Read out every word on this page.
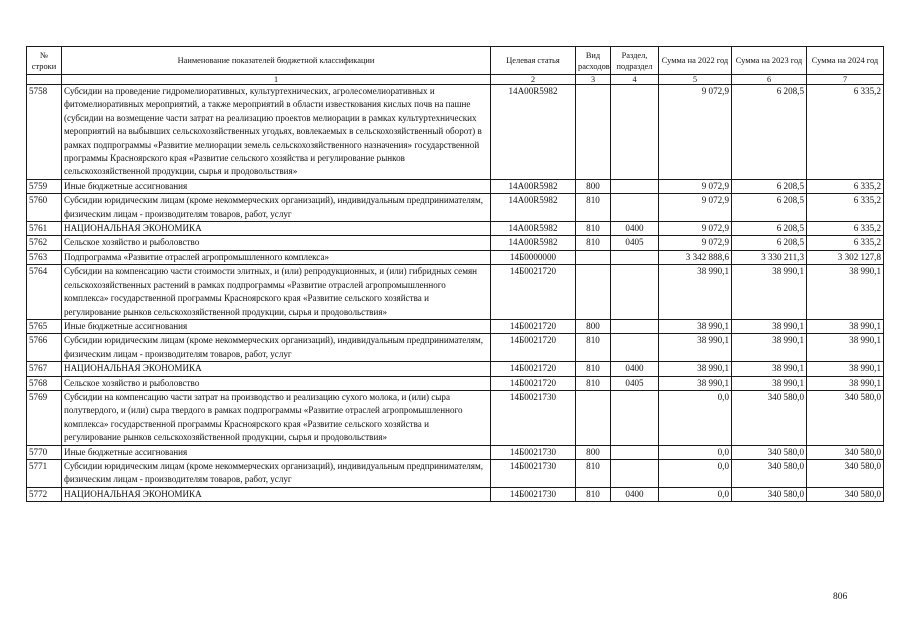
№ строки	Наименование показателей бюджетной классификации	Целевая статья	Вид расходов	Раздел, подраздел	Сумма на 2022 год	Сумма на 2023 год	Сумма на 2024 год
	1	2	3	4	5	6	7
5758	Субсидии на проведение гидромелиоративных, культуртехнических, агролесомелиоративных и фитомелиоративных мероприятий, а также мероприятий в области известкования кислых почв на пашне (субсидии на возмещение части затрат на реализацию проектов мелиорации в рамках культуртехнических мероприятий на выбывших сельскохозяйственных угодьях, вовлекаемых в сельскохозяйственный оборот) в рамках подпрограммы «Развитие мелиорации земель сельскохозяйственного назначения» государственной программы Красноярского края «Развитие сельского хозяйства и регулирование рынков сельскохозяйственной продукции, сырья и продовольствия»	14А00R5982			9 072,9	6 208,5	6 335,2
5759	Иные бюджетные ассигнования	14А00R5982	800		9 072,9	6 208,5	6 335,2
5760	Субсидии юридическим лицам (кроме некоммерческих организаций), индивидуальным предпринимателям, физическим лицам - производителям товаров, работ, услуг	14А00R5982	810		9 072,9	6 208,5	6 335,2
5761	НАЦИОНАЛЬНАЯ ЭКОНОМИКА	14А00R5982	810	0400	9 072,9	6 208,5	6 335,2
5762	Сельское хозяйство и рыболовство	14А00R5982	810	0405	9 072,9	6 208,5	6 335,2
5763	Подпрограмма «Развитие отраслей агропромышленного комплекса»	14Б0000000			3 342 888,6	3 330 211,3	3 302 127,8
5764	Субсидии на компенсацию части стоимости элитных, и (или) репродукционных, и (или) гибридных семян сельскохозяйственных растений в рамках подпрограммы «Развитие отраслей агропромышленного комплекса» государственной программы Красноярского края «Развитие сельского хозяйства и регулирование рынков сельскохозяйственной продукции, сырья и продовольствия»	14Б0021720			38 990,1	38 990,1	38 990,1
5765	Иные бюджетные ассигнования	14Б0021720	800		38 990,1	38 990,1	38 990,1
5766	Субсидии юридическим лицам (кроме некоммерческих организаций), индивидуальным предпринимателям, физическим лицам - производителям товаров, работ, услуг	14Б0021720	810		38 990,1	38 990,1	38 990,1
5767	НАЦИОНАЛЬНАЯ ЭКОНОМИКА	14Б0021720	810	0400	38 990,1	38 990,1	38 990,1
5768	Сельское хозяйство и рыболовство	14Б0021720	810	0405	38 990,1	38 990,1	38 990,1
5769	Субсидии на компенсацию части затрат на производство и реализацию сухого молока, и (или) сыра полутвердого, и (или) сыра твердого в рамках подпрограммы «Развитие отраслей агропромышленного комплекса» государственной программы Красноярского края «Развитие сельского хозяйства и регулирование рынков сельскохозяйственной продукции, сырья и продовольствия»	14Б0021730			0,0	340 580,0	340 580,0
5770	Иные бюджетные ассигнования	14Б0021730	800		0,0	340 580,0	340 580,0
5771	Субсидии юридическим лицам (кроме некоммерческих организаций), индивидуальным предпринимателям, физическим лицам - производителям товаров, работ, услуг	14Б0021730	810		0,0	340 580,0	340 580,0
5772	НАЦИОНАЛЬНАЯ ЭКОНОМИКА	14Б0021730	810	0400	0,0	340 580,0	340 580,0
806
